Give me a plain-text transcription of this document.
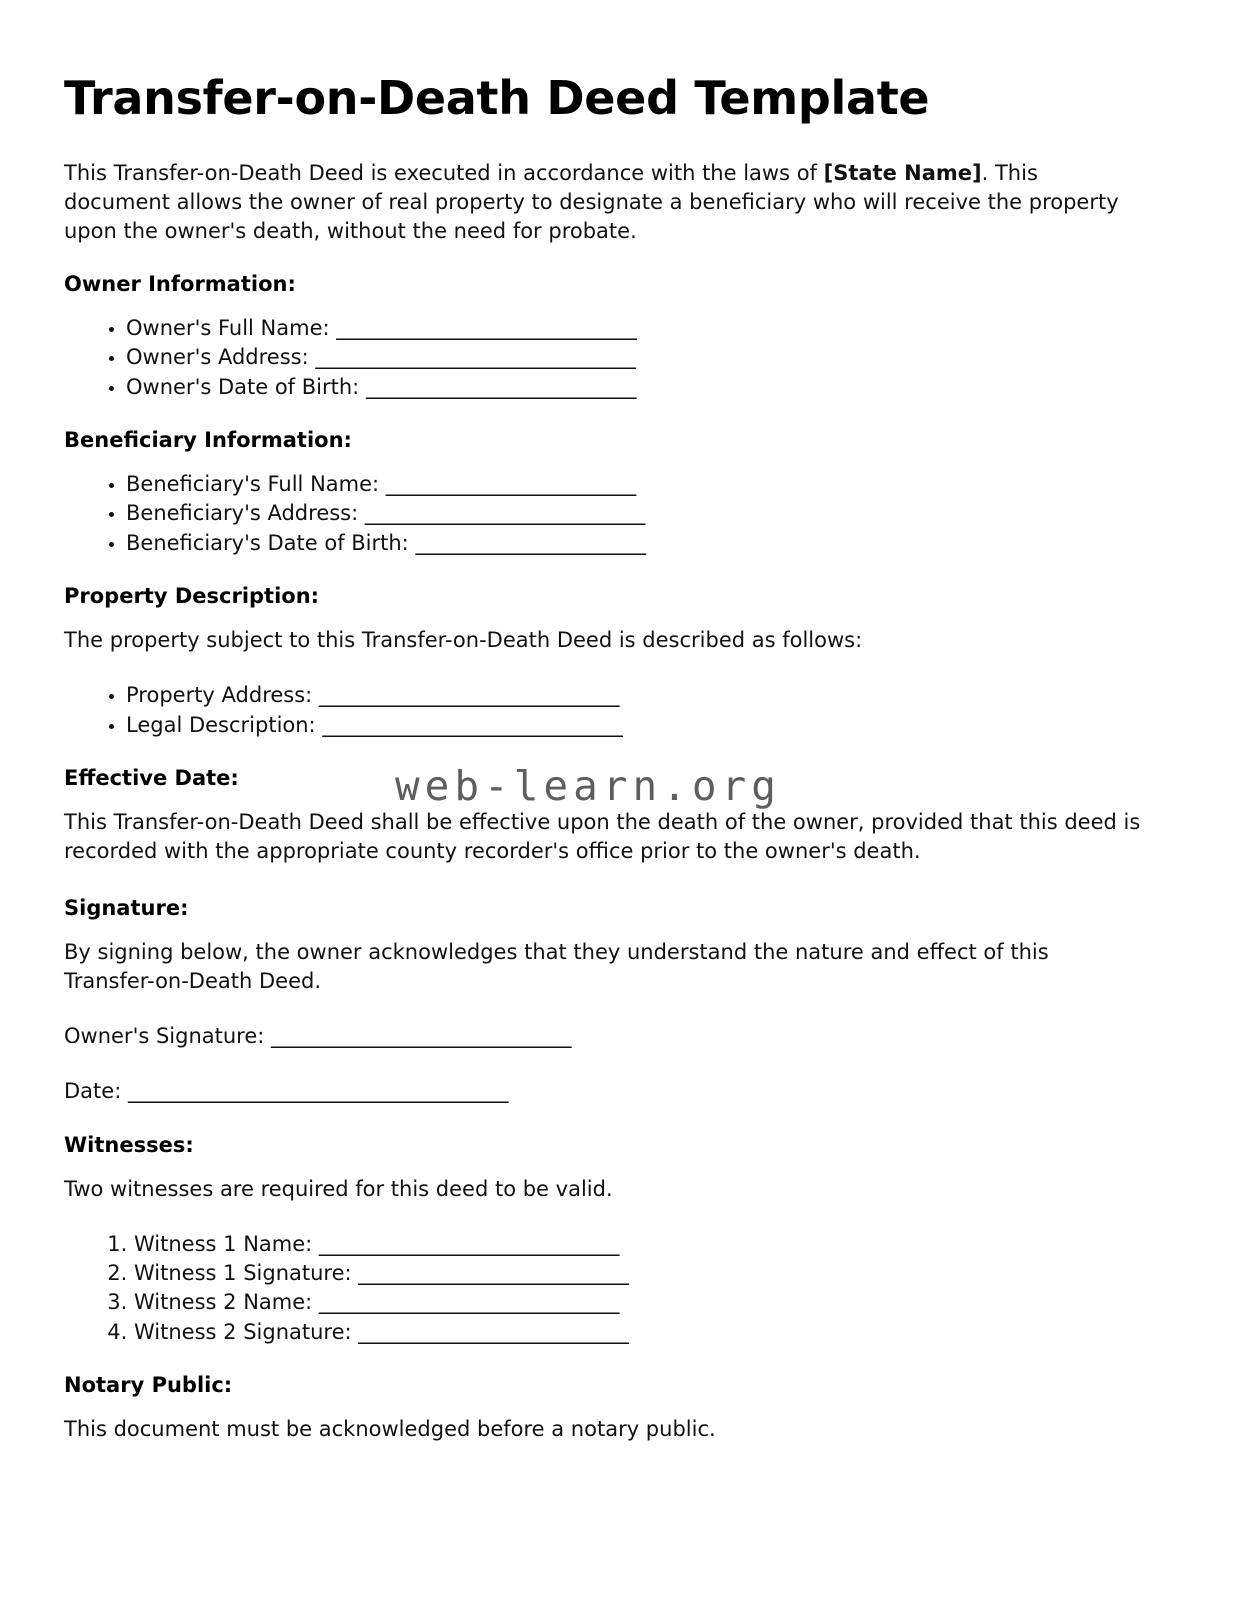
Transfer-on-Death Deed Template

This Transfer-on-Death Deed is executed in accordance with the laws of [State Name]. This document allows the owner of real property to designate a beneficiary who will receive the property upon the owner's death, without the need for probate.

Owner Information:
• Owner's Full Name: ______________________________
• Owner's Address: ________________________________
• Owner's Date of Birth: ___________________________
Beneficiary Information:
• Beneficiary's Full Name: _________________________
• Beneficiary's Address: ____________________________
• Beneficiary's Date of Birth: _______________________
Property Description:

The property subject to this Transfer-on-Death Deed is described as follows:

• Property Address: ______________________________
• Legal Description: ______________________________
Effective Date:

This Transfer-on-Death Deed shall be effective upon the death of the owner, provided that this deed is recorded with the appropriate county recorder's office prior to the owner's death.

Signature:

By signing below, the owner acknowledges that they understand the nature and effect of this Transfer-on-Death Deed.

Owner's Signature: ______________________________

Date: ______________________________________

Witnesses:

Two witnesses are required for this deed to be valid.

1. Witness 1 Name: ______________________________
2. Witness 1 Signature: ___________________________
3. Witness 2 Name: ______________________________
4. Witness 2 Signature: ___________________________
Notary Public:

This document must be acknowledged before a notary public.

web-learn.org
